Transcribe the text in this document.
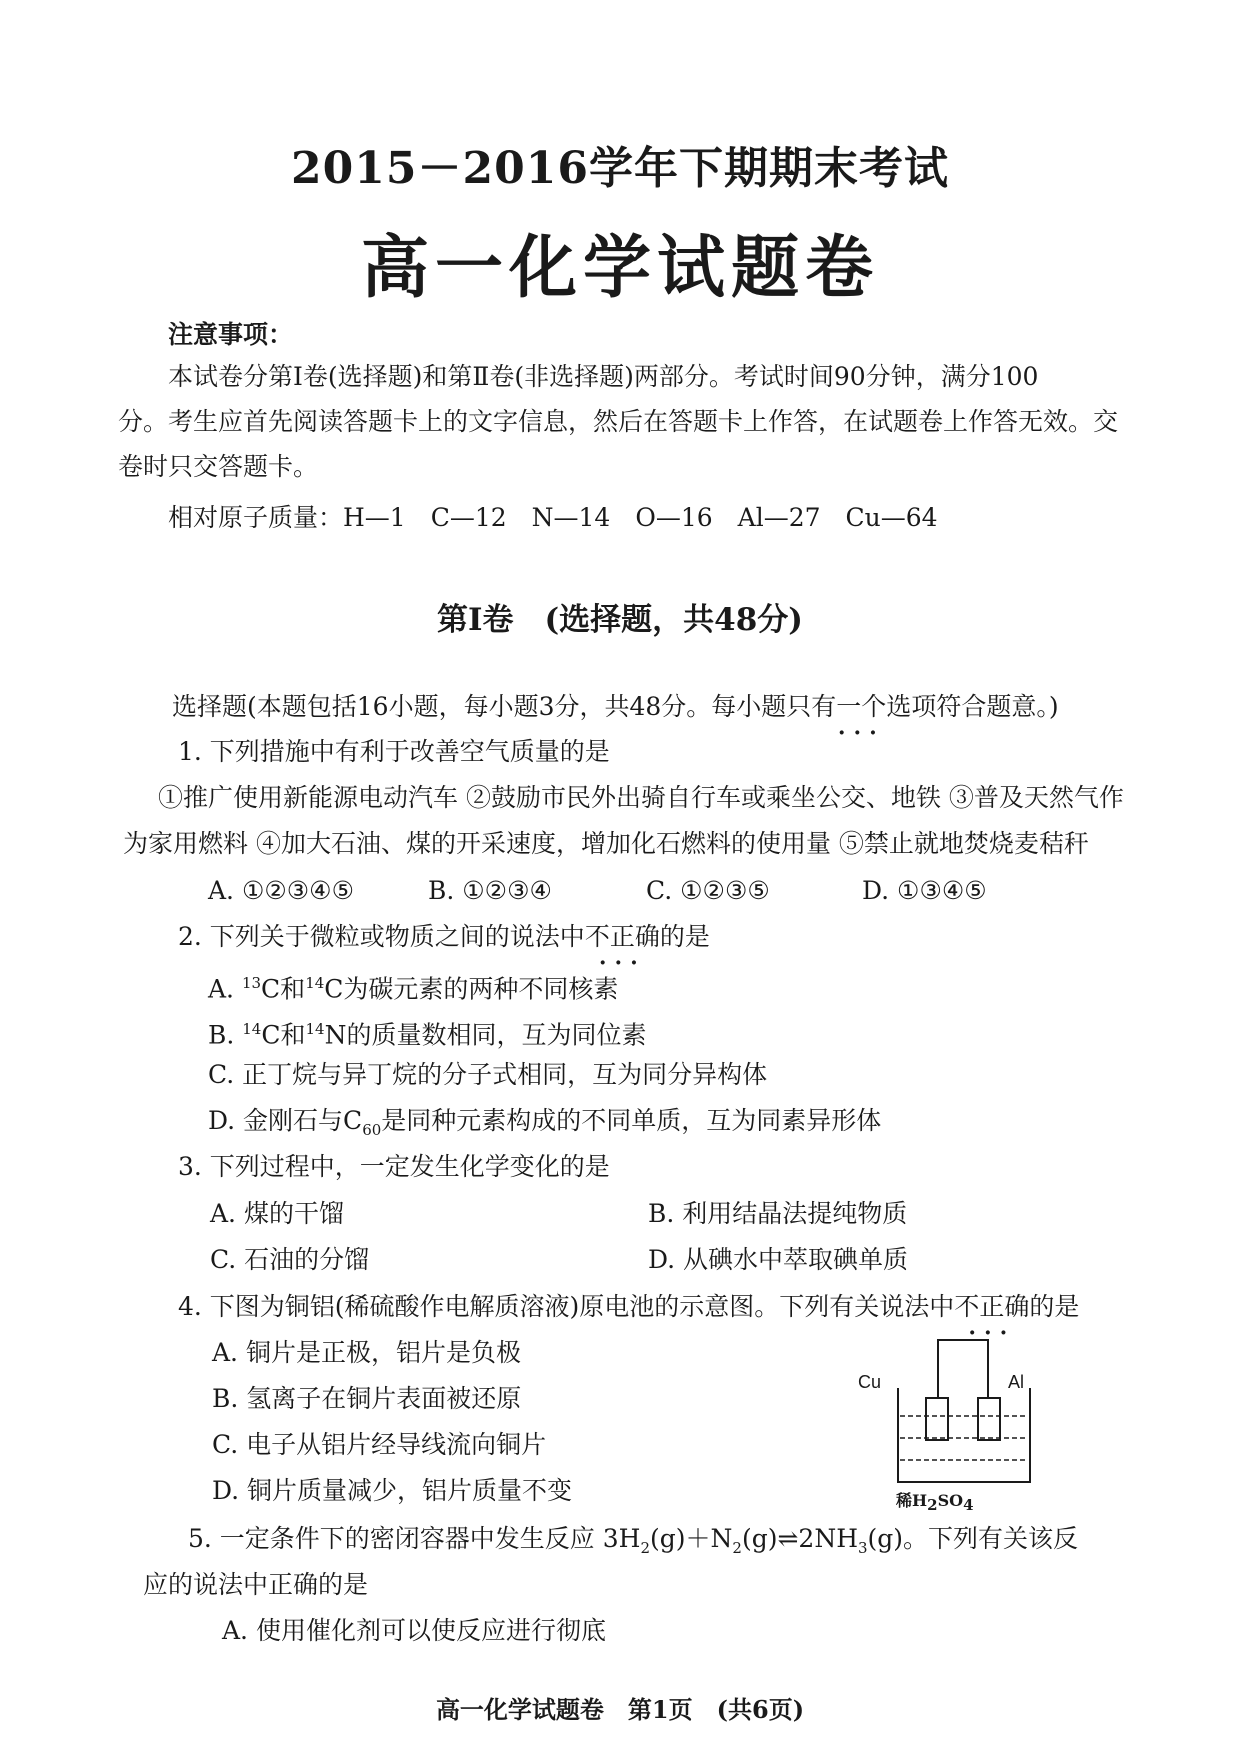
2015－2016学年下期期末考试
高一化学试题卷
注意事项：
本试卷分第Ⅰ卷(选择题)和第Ⅱ卷(非选择题)两部分。考试时间90分钟，满分100
分。考生应首先阅读答题卡上的文字信息，然后在答题卡上作答，在试题卷上作答无效。交
卷时只交答题卡。
相对原子质量：H—1　C—12　N—14　O—16　Al—27　Cu—64
第Ⅰ卷　(选择题，共48分)
选择题(本题包括16小题，每小题3分，共48分。每小题只有一个 ···选项符合题意。)
1. 下列措施中有利于改善空气质量的是
①推广使用新能源电动汽车 ②鼓励市民外出骑自行车或乘坐公交、地铁 ③普及天然气作
为家用燃料 ④加大石油、煤的开采速度，增加化石燃料的使用量 ⑤禁止就地焚烧麦秸秆
A. ①②③④⑤	B. ①②③④	C. ①②③⑤	D. ①③④⑤
2. 下列关于微粒或物质之间的说法中不正确 ···的是
A. $^{13}$C和$^{14}$C为碳元素的两种不同核素
B. $^{14}$C和$^{14}$N的质量数相同，互为同位素
C. 正丁烷与异丁烷的分子式相同，互为同分异构体
D. 金刚石与$C_{60}$是同种元素构成的不同单质，互为同素异形体
3. 下列过程中，一定发生化学变化的是
A. 煤的干馏	B. 利用结晶法提纯物质
C. 石油的分馏	D. 从碘水中萃取碘单质
4. 下图为铜铝(稀硫酸作电解质溶液)原电池的示意图。下列有关说法中不正确 ···的是
A. 铜片是正极，铝片是负极
B. 氢离子在铜片表面被还原
C. 电子从铝片经导线流向铜片
D. 铜片质量减少，铝片质量不变
Cu	Al
稀$H_2SO_4$
5. 一定条件下的密闭容器中发生反应 $3H_2(g)+N_2(g)\rightleftharpoons 2NH_3(g)$。下列有关该反
应的说法中正确的是
A. 使用催化剂可以使反应进行彻底
高一化学试题卷　第1页　(共6页)
